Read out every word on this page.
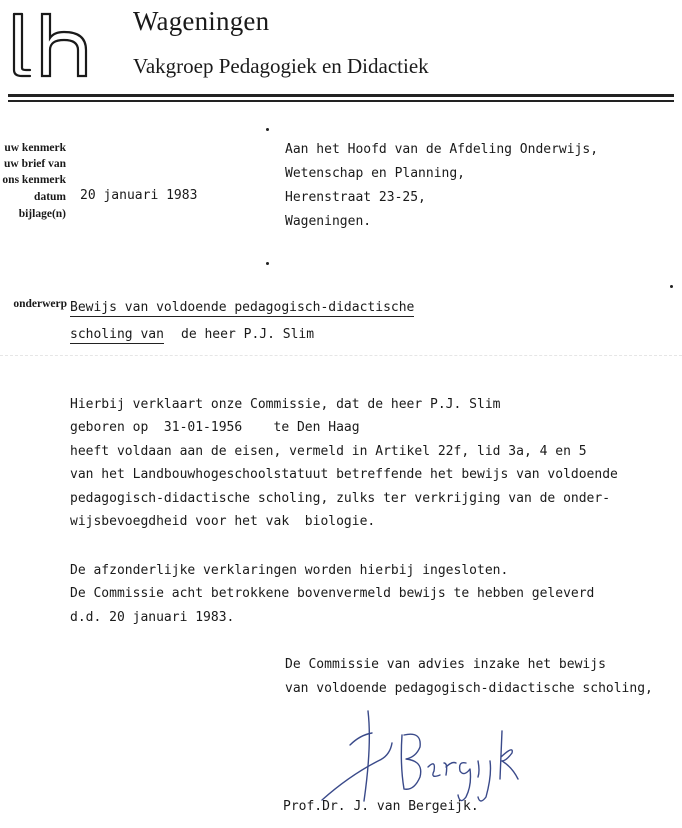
Wageningen
Vakgroep Pedagogiek en Didactiek
uw kenmerk
uw brief van
ons kenmerk
datum
bijlage(n)
20 januari 1983
Aan het Hoofd van de Afdeling Onderwijs,
Wetenschap en Planning,
Herenstraat 23-25,
Wageningen.
onderwerp Bewijs van voldoende pedagogisch-didactische
scholing van de heer P.J. Slim
Hierbij verklaart onze Commissie, dat de heer P.J. Slim
geboren op  31-01-1956    te Den Haag
heeft voldaan aan de eisen, vermeld in Artikel 22f, lid 3a, 4 en 5
van het Landbouwhogeschoolstatuut betreffende het bewijs van voldoende
pedagogisch-didactische scholing, zulks ter verkrijging van de onder-
wijsbevoegdheid voor het vak  biologie.
De afzonderlijke verklaringen worden hierbij ingesloten.
De Commissie acht betrokkene bovenvermeld bewijs te hebben geleverd
d.d. 20 januari 1983.
De Commissie van advies inzake het bewijs
van voldoende pedagogisch-didactische scholing,
Prof.Dr. J. van Bergeijk.
